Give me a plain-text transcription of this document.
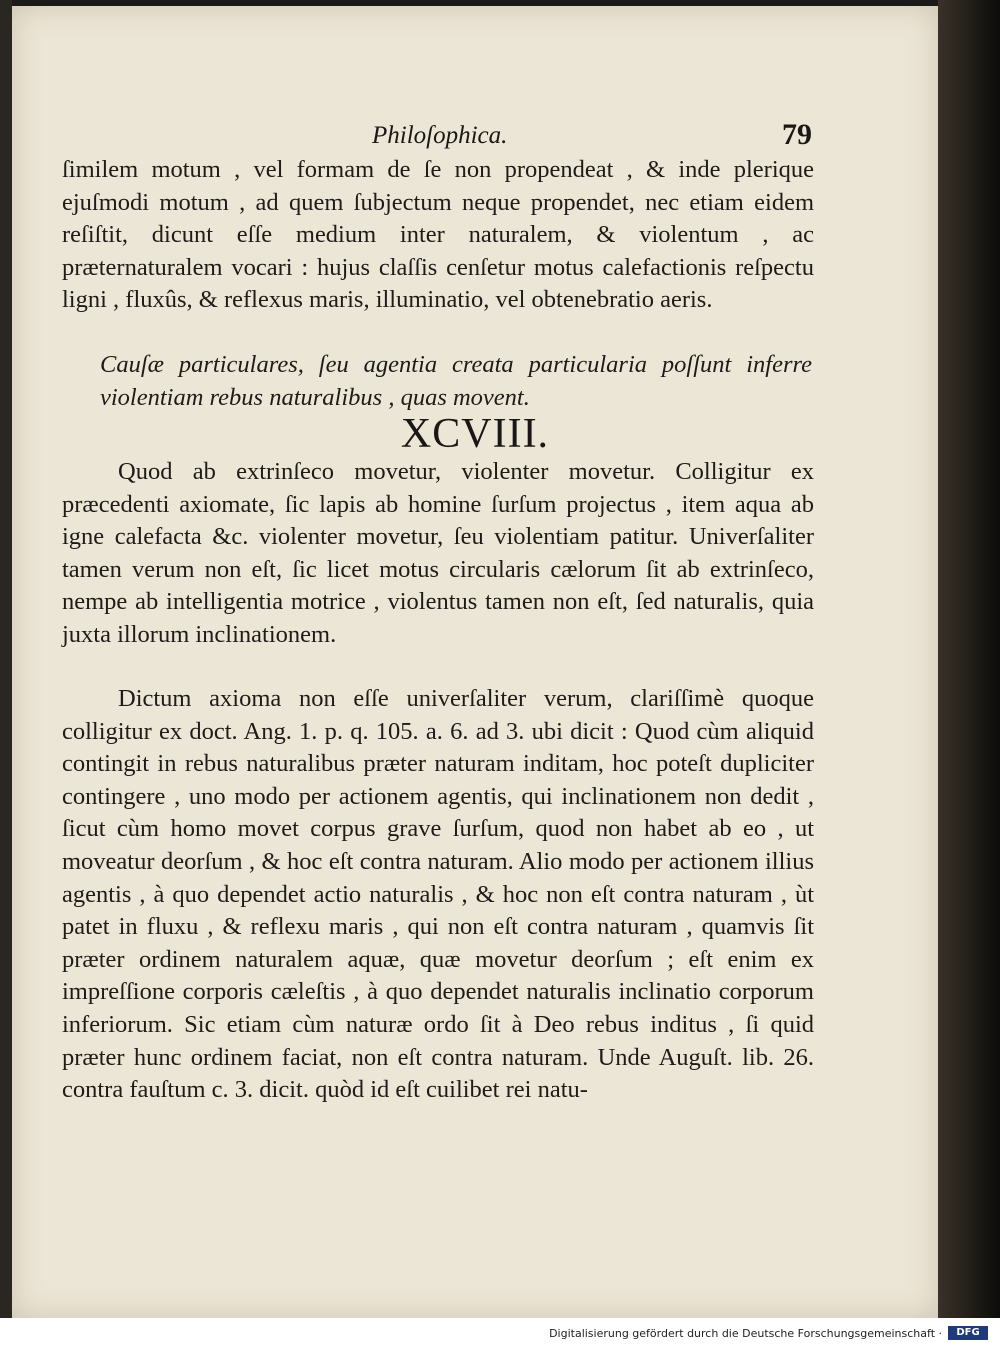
Philoſophica.	79

ſimilem motum , vel formam de ſe non propendeat , & inde plerique ejuſmodi motum , ad quem ſubjectum neque propendet, nec etiam eidem reſiſtit, dicunt eſſe medium inter naturalem, & violentum , ac præternaturalem vocari : hujus claſſis cenſetur motus calefactionis reſpectu ligni , fluxûs, & reflexus maris, illuminatio, vel obtenebratio aeris.

Cauſæ particulares, ſeu agentia creata particularia poſſunt inferre violentiam rebus naturalibus , quas movent.

XCVIII.

Quod ab extrinſeco movetur, violenter movetur. Colligitur ex præcedenti axiomate, ſic lapis ab homine ſurſum projectus , item aqua ab igne calefacta &c. violenter movetur, ſeu violentiam patitur. Univerſaliter tamen verum non eſt, ſic licet motus circularis cælorum ſit ab extrinſeco, nempe ab intelligentia motrice , violentus tamen non eſt, ſed naturalis, quia juxta illorum inclinationem.

Dictum axioma non eſſe univerſaliter verum, clariſſimè quoque colligitur ex doct. Ang. 1. p. q. 105. a. 6. ad 3. ubi dicit : Quod cùm aliquid contingit in rebus naturalibus præter naturam inditam, hoc poteſt dupliciter contingere , uno modo per actionem agentis, qui inclinationem non dedit , ſicut cùm homo movet corpus grave ſurſum, quod non habet ab eo , ut moveatur deorſum , & hoc eſt contra naturam. Alio modo per actionem illius agentis , à quo dependet actio naturalis , & hoc non eſt contra naturam , ùt patet in fluxu , & reflexu maris , qui non eſt contra naturam , quamvis ſit præter ordinem naturalem aquæ, quæ movetur deorſum ; eſt enim ex impreſſione corporis cæleſtis , à quo dependet naturalis inclinatio corporum inferiorum. Sic etiam cùm naturæ ordo ſit à Deo rebus inditus , ſi quid præter hunc ordinem faciat, non eſt contra naturam. Unde Auguſt. lib. 26. contra fauſtum c. 3. dicit. quòd id eſt cuilibet rei natu-

Digitalisierung gefördert durch die Deutsche Forschungsgemeinschaft ·	DFG
